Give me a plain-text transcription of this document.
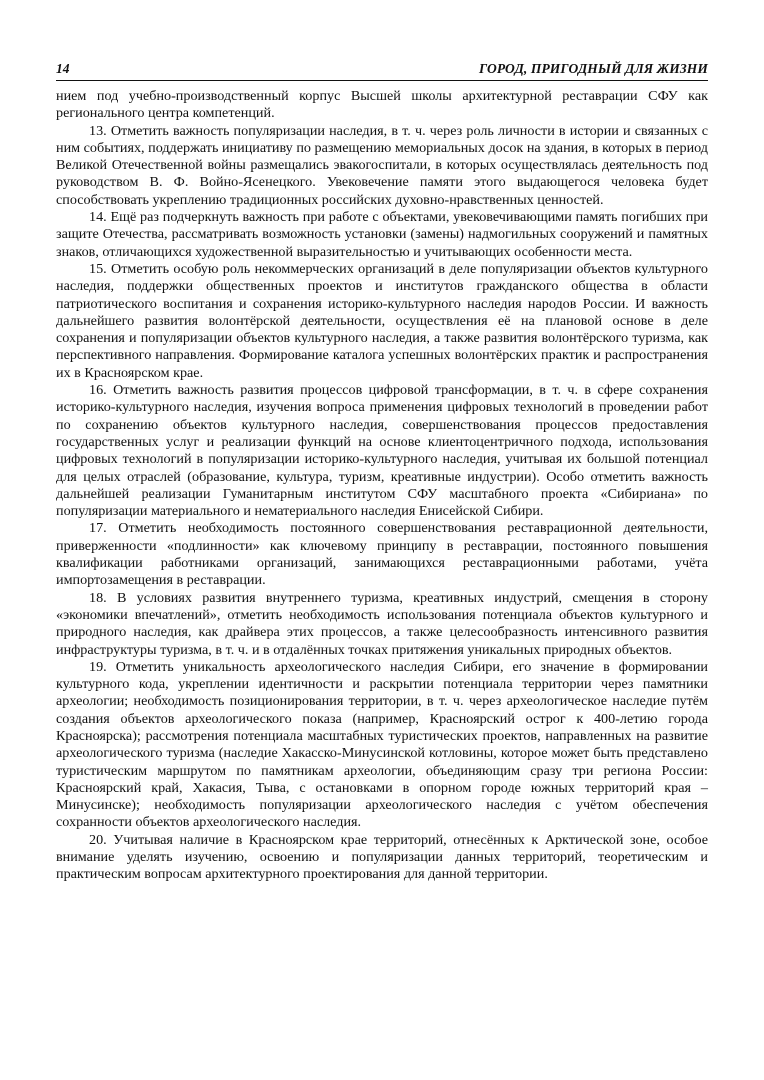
14	ГОРОД, ПРИГОДНЫЙ ДЛЯ ЖИЗНИ

нием под учебно-производственный корпус Высшей школы архитектурной реставрации СФУ как регионального центра компетенций.

13. Отметить важность популяризации наследия, в т. ч. через роль личности в истории и связанных с ним событиях, поддержать инициативу по размещению мемориальных досок на здания, в которых в период Великой Отечественной войны размещались эвакогоспитали, в которых осуществлялась деятельность под руководством В. Ф. Войно-Ясенецкого. Увековечение памяти этого выдающегося человека будет способствовать укреплению традиционных российских духовно-нравственных ценностей.

14. Ещё раз подчеркнуть важность при работе с объектами, увековечивающими память погибших при защите Отечества, рассматривать возможность установки (замены) надмогильных сооружений и памятных знаков, отличающихся художественной выразительностью и учитывающих особенности места.

15. Отметить особую роль некоммерческих организаций в деле популяризации объектов культурного наследия, поддержки общественных проектов и институтов гражданского общества в области патриотического воспитания и сохранения историко-культурного наследия народов России. И важность дальнейшего развития волонтёрской деятельности, осуществления её на плановой основе в деле сохранения и популяризации объектов культурного наследия, а также развития волонтёрского туризма, как перспективного направления. Формирование каталога успешных волонтёрских практик и распространения их в Красноярском крае.

16. Отметить важность развития процессов цифровой трансформации, в т. ч. в сфере сохранения историко-культурного наследия, изучения вопроса применения цифровых технологий в проведении работ по сохранению объектов культурного наследия, совершенствования процессов предоставления государственных услуг и реализации функций на основе клиентоцентричного подхода, использования цифровых технологий в популяризации историко-культурного наследия, учитывая их большой потенциал для целых отраслей (образование, культура, туризм, креативные индустрии). Особо отметить важность дальнейшей реализации Гуманитарным институтом СФУ масштабного проекта «Сибириана» по популяризации материального и нематериального наследия Енисейской Сибири.

17. Отметить необходимость постоянного совершенствования реставрационной деятельности, приверженности «подлинности» как ключевому принципу в реставрации, постоянного повышения квалификации работниками организаций, занимающихся реставрационными работами, учёта импортозамещения в реставрации.

18. В условиях развития внутреннего туризма, креативных индустрий, смещения в сторону «экономики впечатлений», отметить необходимость использования потенциала объектов культурного и природного наследия, как драйвера этих процессов, а также целесообразность интенсивного развития инфраструктуры туризма, в т. ч. и в отдалённых точках притяжения уникальных природных объектов.

19. Отметить уникальность археологического наследия Сибири, его значение в формировании культурного кода, укреплении идентичности и раскрытии потенциала территории через памятники археологии; необходимость позиционирования территории, в т. ч. через археологическое наследие путём создания объектов археологического показа (например, Красноярский острог к 400-летию города Красноярска); рассмотрения потенциала масштабных туристических проектов, направленных на развитие археологического туризма (наследие Хакасско-Минусинской котловины, которое может быть представлено туристическим маршрутом по памятникам археологии, объединяющим сразу три региона России: Красноярский край, Хакасия, Тыва, с остановками в опорном городе южных территорий края – Минусинске); необходимость популяризации археологического наследия с учётом обеспечения сохранности объектов археологического наследия.

20. Учитывая наличие в Красноярском крае территорий, отнесённых к Арктической зоне, особое внимание уделять изучению, освоению и популяризации данных территорий, теоретическим и практическим вопросам архитектурного проектирования для данной территории.
